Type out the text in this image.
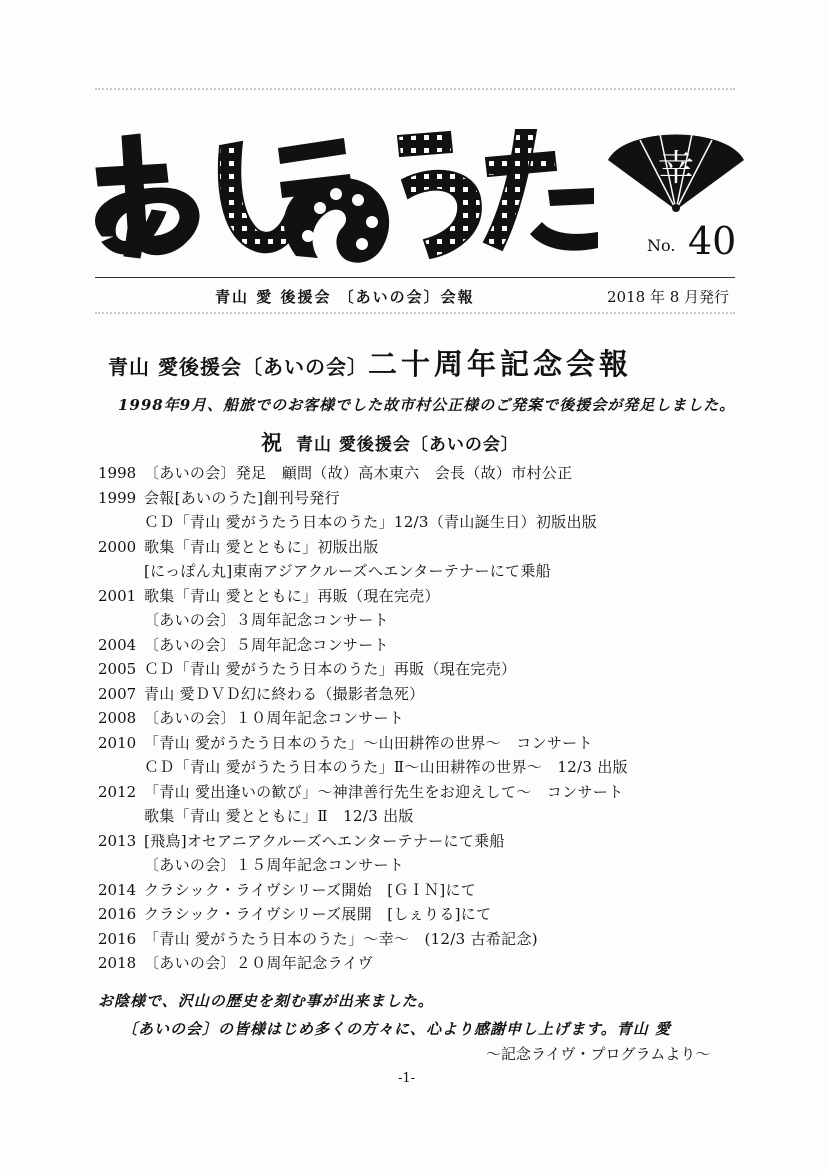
あいのうた
幸
No. 40
青山 愛 後援会 〔あいの会〕会報	2018 年 8 月発行
青山 愛後援会〔あいの会〕二十周年記念会報
1998年9月、船旅でのお客様でした故市村公正様のご発案で後援会が発足しました。
祝 青山 愛後援会〔あいの会〕
1998 〔あいの会〕発足　顧問（故）高木東六　会長（故）市村公正
1999 会報[あいのうた]創刊号発行
ＣＤ「青山 愛がうたう日本のうた」12/3（青山誕生日）初版出版
2000 歌集「青山 愛とともに」初版出版
[にっぽん丸]東南アジアクルーズへエンターテナーにて乗船
2001 歌集「青山 愛とともに」再販（現在完売）
〔あいの会〕３周年記念コンサート
2004 〔あいの会〕５周年記念コンサート
2005 ＣＤ「青山 愛がうたう日本のうた」再販（現在完売）
2007 青山 愛ＤＶＤ幻に終わる（撮影者急死）
2008 〔あいの会〕１０周年記念コンサート
2010 「青山 愛がうたう日本のうた」～山田耕筰の世界～　コンサート
ＣＤ「青山 愛がうたう日本のうた」Ⅱ～山田耕筰の世界～　12/3 出版
2012 「青山 愛出逢いの歓び」～神津善行先生をお迎えして～　コンサート
歌集「青山 愛とともに」Ⅱ　12/3 出版
2013 [飛鳥]オセアニアクルーズへエンターテナーにて乗船
〔あいの会〕１５周年記念コンサート
2014 クラシック・ライヴシリーズ開始　[ＧＩＮ]にて
2016 クラシック・ライヴシリーズ展開　[しぇりる]にて
2016 「青山 愛がうたう日本のうた」～幸～　(12/3 古希記念)
2018 〔あいの会〕２０周年記念ライヴ
お陰様で、沢山の歴史を刻む事が出来ました。
〔あいの会〕の皆様はじめ多くの方々に、心より感謝申し上げます。青山 愛
～記念ライヴ・プログラムより～
-1-
